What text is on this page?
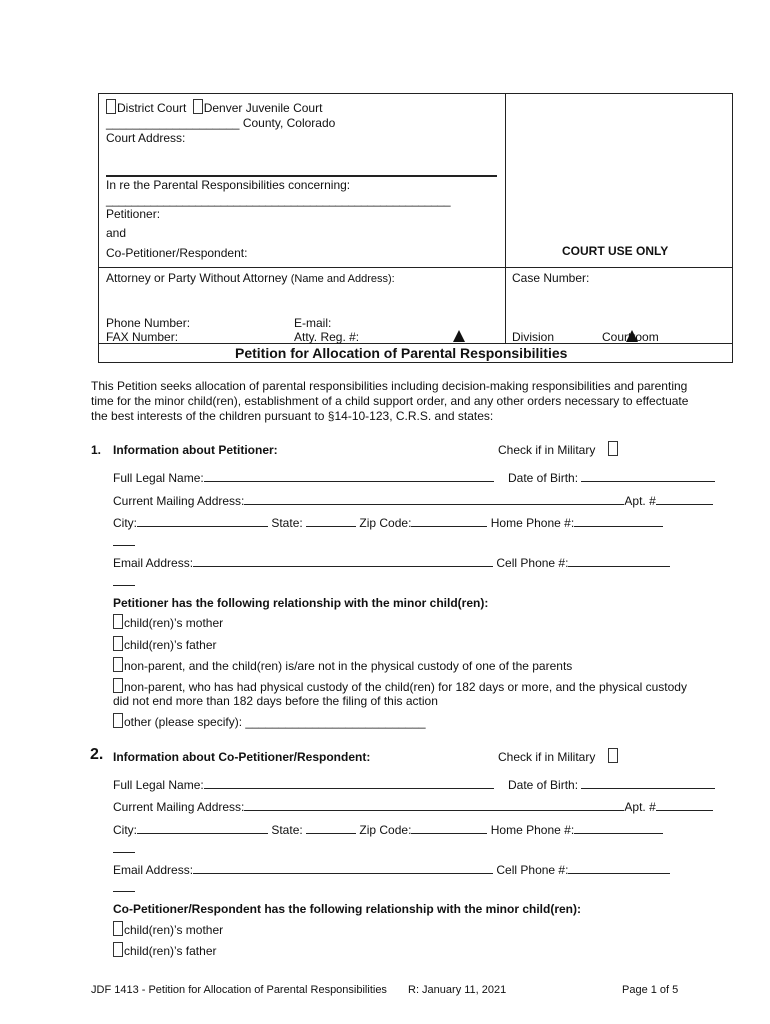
District Court Denver Juvenile Court
____________________ County, Colorado
Court Address:
In re the Parental Responsibilities concerning:
______________________________________________________
Petitioner:
and
Co-Petitioner/Respondent:	COURT USE ONLY
Attorney or Party Without Attorney (Name and Address):	Case Number:
Phone Number:	E-mail:
FAX Number:	Atty. Reg. #:	Division	Courtroom
Petition for Allocation of Parental Responsibilities
This Petition seeks allocation of parental responsibilities including decision-making responsibilities and parenting
time for the minor child(ren), establishment of a child support order, and any other orders necessary to effectuate
the best interests of the children pursuant to §14-10-123, C.R.S. and states:
1. Information about Petitioner:	Check if in Military
Full Legal Name:	Date of Birth:
Current Mailing Address:	Apt. #
City:	State:	Zip Code:	Home Phone #:
Email Address:	Cell Phone #:
Petitioner has the following relationship with the minor child(ren):
child(ren)’s mother
child(ren)’s father
non-parent, and the child(ren) is/are not in the physical custody of one of the parents
non-parent, who has had physical custody of the child(ren) for 182 days or more, and the physical custody
did not end more than 182 days before the filing of this action
other (please specify): ___________________________
2. Information about Co-Petitioner/Respondent:	Check if in Military
Full Legal Name:	Date of Birth:
Current Mailing Address:	Apt. #
City:	State:	Zip Code:	Home Phone #:
Email Address:	Cell Phone #:
Co-Petitioner/Respondent has the following relationship with the minor child(ren):
child(ren)’s mother
child(ren)’s father
JDF 1413 - Petition for Allocation of Parental Responsibilities R: January 11, 2021	Page 1 of 5
